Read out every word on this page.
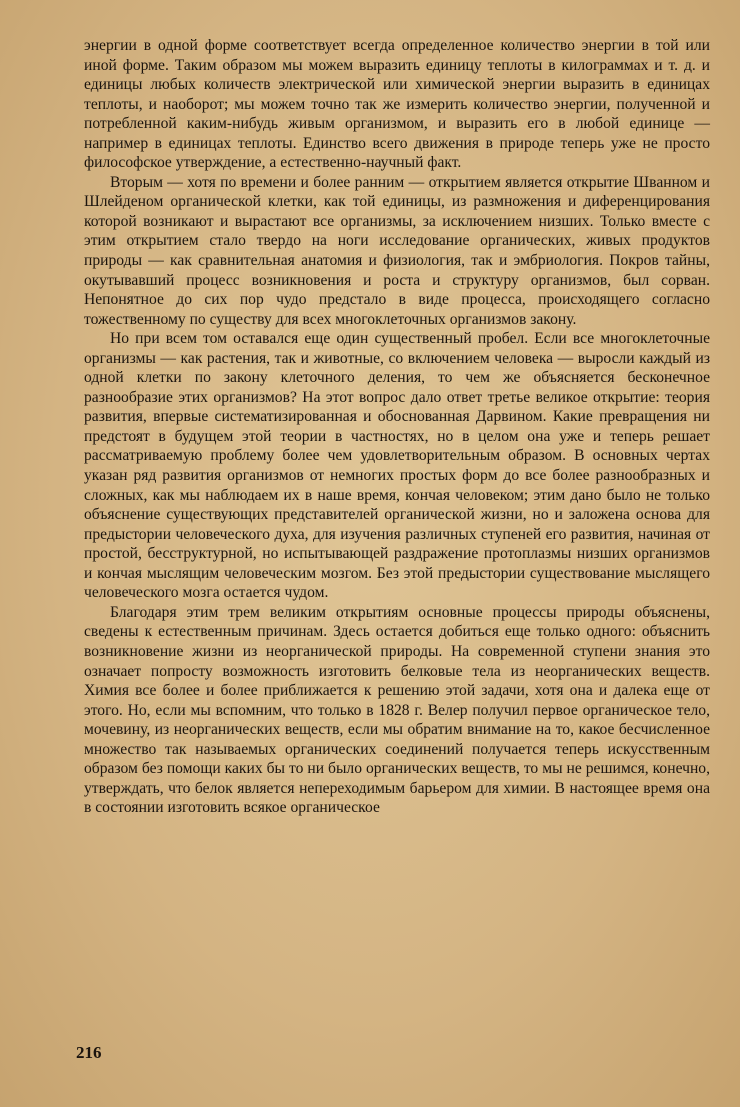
энергии в одной форме соответствует всегда определенное количество энергии в той или иной форме. Таким образом мы можем выразить единицу теплоты в килограммах и т. д. и единицы любых количеств электрической или химической энергии выразить в единицах теплоты, и наоборот; мы можем точно так же измерить количество энергии, полученной и потребленной каким-нибудь живым организмом, и выразить его в любой единице — например в единицах теплоты. Единство всего движения в природе теперь уже не просто философское утверждение, а естественно-научный факт.

Вторым — хотя по времени и более ранним — открытием является открытие Шванном и Шлейденом органической клетки, как той единицы, из размножения и диференцирования которой возникают и вырастают все организмы, за исключением низших. Только вместе с этим открытием стало твердо на ноги исследование органических, живых продуктов природы — как сравнительная анатомия и физиология, так и эмбриология. Покров тайны, окутывавший процесс возникновения и роста и структуру организмов, был сорван. Непонятное до сих пор чудо предстало в виде процесса, происходящего согласно тожественному по существу для всех многоклеточных организмов закону.

Но при всем том оставался еще один существенный пробел. Если все многоклеточные организмы — как растения, так и животные, со включением человека — выросли каждый из одной клетки по закону клеточного деления, то чем же объясняется бесконечное разнообразие этих организмов? На этот вопрос дало ответ третье великое открытие: теория развития, впервые систематизированная и обоснованная Дарвином. Какие превращения ни предстоят в будущем этой теории в частностях, но в целом она уже и теперь решает рассматриваемую проблему более чем удовлетворительным образом. В основных чертах указан ряд развития организмов от немногих простых форм до все более разнообразных и сложных, как мы наблюдаем их в наше время, кончая человеком; этим дано было не только объяснение существующих представителей органической жизни, но и заложена основа для предыстории человеческого духа, для изучения различных ступеней его развития, начиная от простой, бесструктурной, но испытывающей раздражение протоплазмы низших организмов и кончая мыслящим человеческим мозгом. Без этой предыстории существование мыслящего человеческого мозга остается чудом.

Благодаря этим трем великим открытиям основные процессы природы объяснены, сведены к естественным причинам. Здесь остается добиться еще только одного: объяснить возникновение жизни из неорганической природы. На современной ступени знания это означает попросту возможность изготовить белковые тела из неорганических веществ. Химия все более и более приближается к решению этой задачи, хотя она и далека еще от этого. Но, если мы вспомним, что только в 1828 г. Велер получил первое органическое тело, мочевину, из неорганических веществ, если мы обратим внимание на то, какое бесчисленное множество так называемых органических соединений получается теперь искусственным образом без помощи каких бы то ни было органических веществ, то мы не решимся, конечно, утверждать, что белок является непереходимым барьером для химии. В настоящее время она в состоянии изготовить всякое органическое

216
